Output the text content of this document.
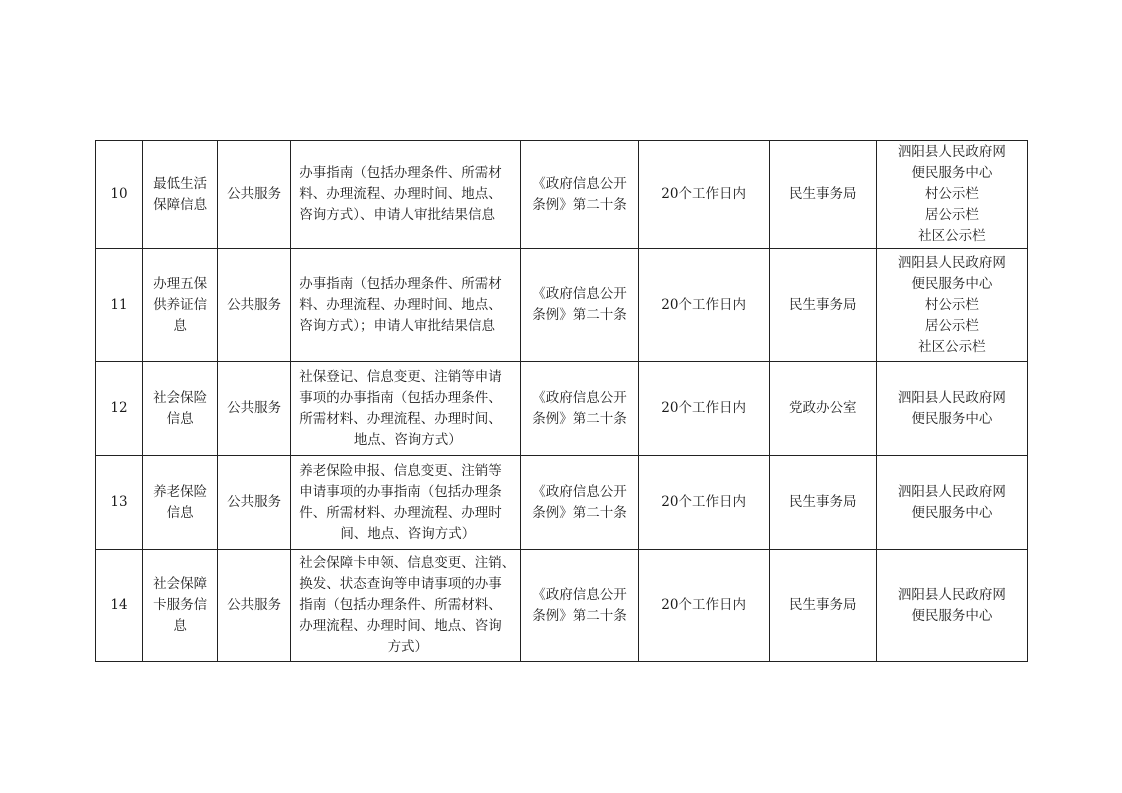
10	最低生活
保障信息	公共服务	办事指南（包括办理条件、所需材
料、办理流程、办理时间、地点、
咨询方式）、申请人审批结果信息	《政府信息公开
条例》第二十条	20个工作日内	民生事务局	泗阳县人民政府网
便民服务中心
村公示栏
居公示栏
社区公示栏

11	办理五保
供养证信
息	公共服务	办事指南（包括办理条件、所需材
料、办理流程、办理时间、地点、
咨询方式）；申请人审批结果信息	《政府信息公开
条例》第二十条	20个工作日内	民生事务局	泗阳县人民政府网
便民服务中心
村公示栏
居公示栏
社区公示栏

12	社会保险
信息	公共服务	社保登记、信息变更、注销等申请
事项的办事指南（包括办理条件、
所需材料、办理流程、办理时间、
地点、咨询方式）	《政府信息公开
条例》第二十条	20个工作日内	党政办公室	泗阳县人民政府网
便民服务中心

13	养老保险
信息	公共服务	养老保险申报、信息变更、注销等
申请事项的办事指南（包括办理条
件、所需材料、办理流程、办理时
间、地点、咨询方式）	《政府信息公开
条例》第二十条	20个工作日内	民生事务局	泗阳县人民政府网
便民服务中心

14	社会保障
卡服务信
息	公共服务	社会保障卡申领、信息变更、注销、
换发、状态查询等申请事项的办事
指南（包括办理条件、所需材料、
办理流程、办理时间、地点、咨询
方式）	《政府信息公开
条例》第二十条	20个工作日内	民生事务局	泗阳县人民政府网
便民服务中心
